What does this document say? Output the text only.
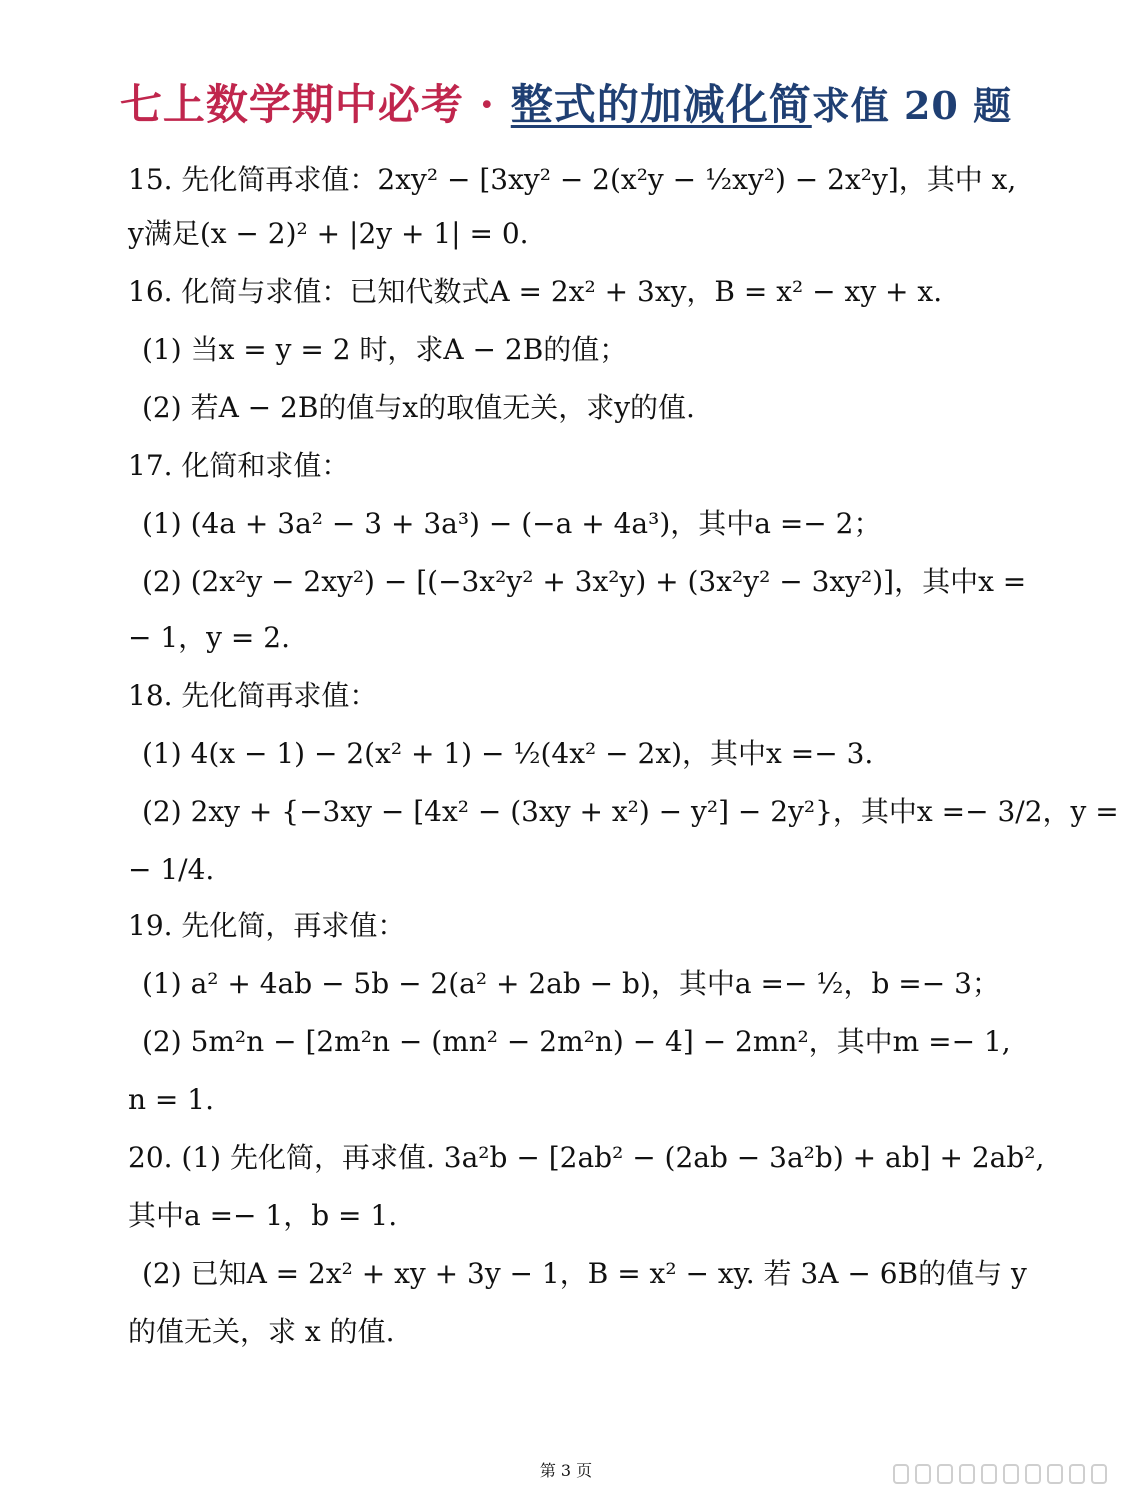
七上数学期中必考 · 整式的加减化简求值 20 题
15. 先化简再求值：2xy² − [3xy² − 2(x²y − ½xy²) − 2x²y]，其中 x,
y满足(x − 2)² + |2y + 1| = 0.
16. 化简与求值：已知代数式A = 2x² + 3xy，B = x² − xy + x.
(1) 当x = y = 2 时，求A − 2B的值；
(2) 若A − 2B的值与x的取值无关，求y的值.
17. 化简和求值：
(1) (4a + 3a² − 3 + 3a³) − (−a + 4a³)，其中a =− 2；
(2) (2x²y − 2xy²) − [(−3x²y² + 3x²y) + (3x²y² − 3xy²)]，其中x =
− 1，y = 2.
18. 先化简再求值：
(1) 4(x − 1) − 2(x² + 1) − ½(4x² − 2x)，其中x =− 3.
(2) 2xy + {−3xy − [4x² − (3xy + x²) − y²] − 2y²}，其中x =− 3/2，y =
− 1/4.
19. 先化简，再求值：
(1) a² + 4ab − 5b − 2(a² + 2ab − b)，其中a =− ½，b =− 3；
(2) 5m²n − [2m²n − (mn² − 2m²n) − 4] − 2mn²，其中m =− 1,
n = 1.
20. (1) 先化简，再求值. 3a²b − [2ab² − (2ab − 3a²b) + ab] + 2ab²,
其中a =− 1，b = 1.
(2) 已知A = 2x² + xy + 3y − 1，B = x² − xy. 若 3A − 6B的值与 y
的值无关，求 x 的值.
第 3 页
